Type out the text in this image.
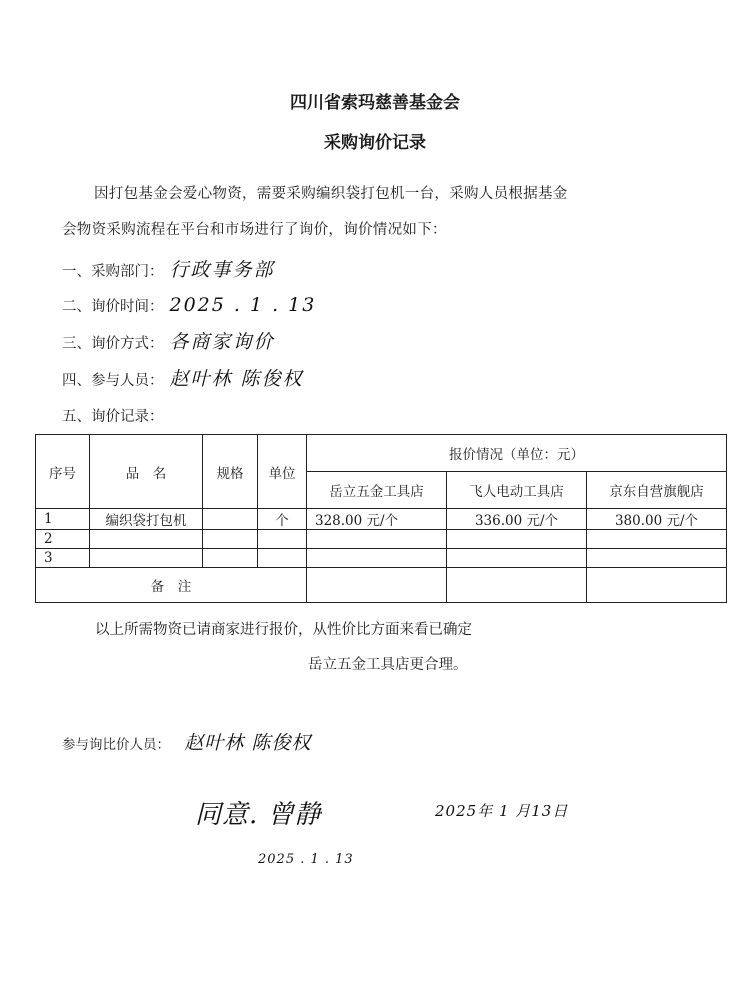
四川省索玛慈善基金会
采购询价记录
因打包基金会爱心物资，需要采购编织袋打包机一台，采购人员根据基金
会物资采购流程在平台和市场进行了询价，询价情况如下：
一、采购部门： 行政事务部
二、询价时间： 2025 . 1 . 13
三、询价方式： 各商家询价
四、参与人员： 赵叶林 陈俊权
五、询价记录：
序号	品　名	规格	单位	报价情况（单位：元）		
				岳立五金工具店	飞人电动工具店	京东自营旗舰店
1	编织袋打包机		个	328.00 元/个	336.00 元/个	380.00 元/个
2						
3						
备　注						
以上所需物资已请商家进行报价，从性价比方面来看已确定
岳立五金工具店更合理。
参与询比价人员： 赵叶林 陈俊权
同意. 曾静
2025 . 1 . 13
2025年 1 月13日
